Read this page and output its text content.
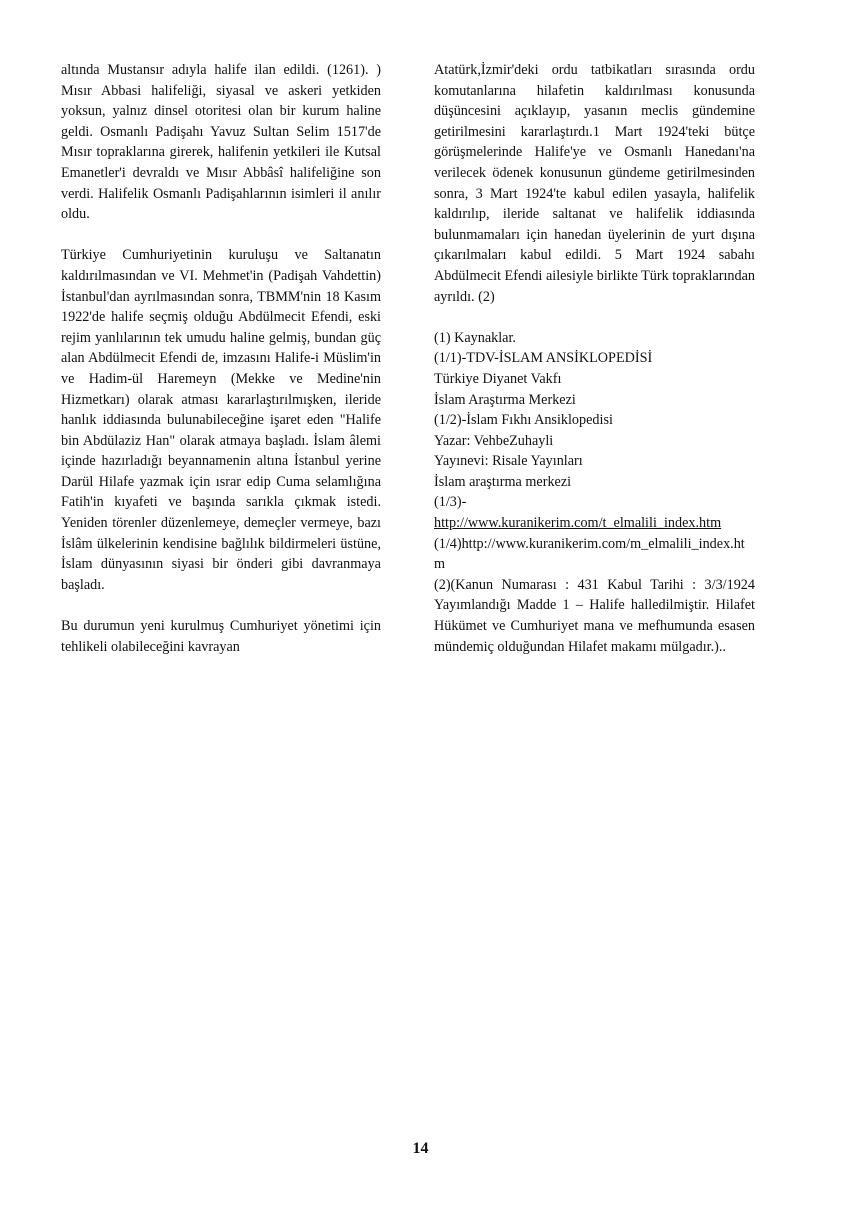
altında Mustansır adıyla halife ilan edildi. (1261). ) Mısır Abbasi halifeliği, siyasal ve askeri yetkiden yoksun, yalnız dinsel otoritesi olan bir kurum haline geldi. Osmanlı Padişahı Yavuz Sultan Selim 1517'de Mısır topraklarına girerek, halifenin yetkileri ile Kutsal Emanetler'i devraldı ve Mısır Abbâsî halifeliğine son verdi. Halifelik Osmanlı Padişahlarının isimleri il anılır oldu.

Türkiye Cumhuriyetinin kuruluşu ve Saltanatın kaldırılmasından ve VI. Mehmet'in (Padişah Vahdettin) İstanbul'dan ayrılmasından sonra, TBMM'nin 18 Kasım 1922'de halife seçmiş olduğu Abdülmecit Efendi, eski rejim yanlılarının tek umudu haline gelmiş, bundan güç alan Abdülmecit Efendi de, imzasını Halife-i Müslim'in ve Hadim-ül Haremeyn (Mekke ve Medine'nin Hizmetkarı) olarak atması kararlaştırılmışken, ileride hanlık iddiasında bulunabileceğine işaret eden "Halife bin Abdülaziz Han" olarak atmaya başladı. İslam âlemi içinde hazırladığı beyannamenin altına İstanbul yerine Darül Hilafe yazmak için ısrar edip Cuma selamlığına Fatih'in kıyafeti ve başında sarıkla çıkmak istedi. Yeniden törenler düzenlemeye, demeçler vermeye, bazı İslâm ülkelerinin kendisine bağlılık bildirmeleri üstüne, İslam dünyasının siyasi bir önderi gibi davranmaya başladı.

Bu durumun yeni kurulmuş Cumhuriyet yönetimi için tehlikeli olabileceğini kavrayan

Atatürk,İzmir'deki ordu tatbikatları sırasında ordu komutanlarına hilafetin kaldırılması konusunda düşüncesini açıklayıp, yasanın meclis gündemine getirilmesini kararlaştırdı.1 Mart 1924'teki bütçe görüşmelerinde Halife'ye ve Osmanlı Hanedanı'na verilecek ödenek konusunun gündeme getirilmesinden sonra, 3 Mart 1924'te kabul edilen yasayla, halifelik kaldırılıp, ileride saltanat ve halifelik iddiasında bulunmamaları için hanedan üyelerinin de yurt dışına çıkarılmaları kabul edildi. 5 Mart 1924 sabahı Abdülmecit Efendi ailesiyle birlikte Türk topraklarından ayrıldı. (2)

(1) Kaynaklar.
(1/1)-TDV-İSLAM ANSİKLOPEDİSİ
Türkiye Diyanet Vakfı
İslam Araştırma Merkezi
(1/2)-İslam Fıkhı Ansiklopedisi
Yazar: VehbeZuhayli
Yayınevi: Risale Yayınları
İslam araştırma merkezi
(1/3)-
http://www.kuranikerim.com/t_elmalili_index.htm
(1/4)http://www.kuranikerim.com/m_elmalili_index.htm
(2)(Kanun Numarası : 431 Kabul Tarihi : 3/3/1924 Yayımlandığı Madde 1 – Halife halledilmiştir. Hilafet Hükümet ve Cumhuriyet mana ve mefhumunda esasen mündemiç olduğundan Hilafet makamı mülgadır.)..
14
